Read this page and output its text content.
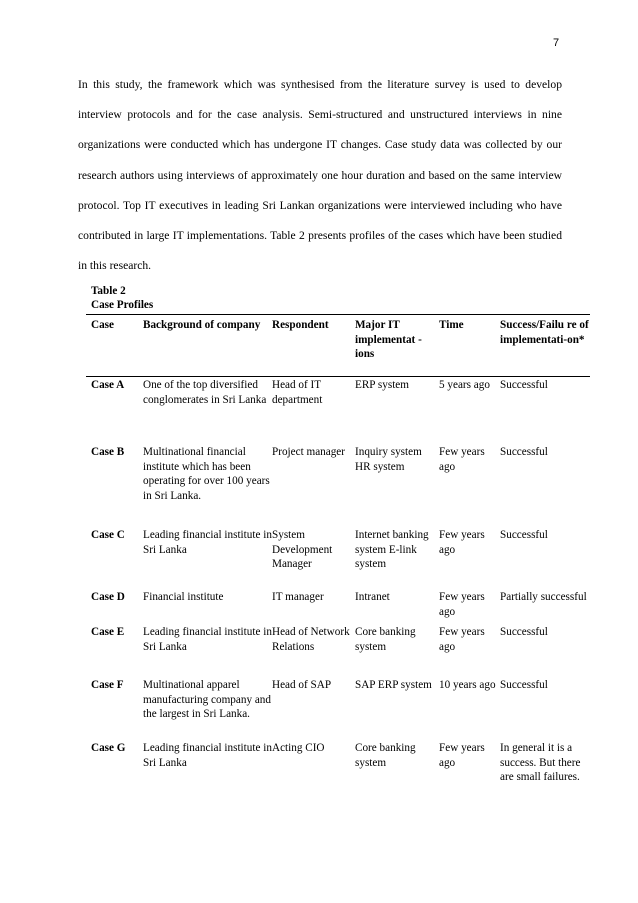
7

In this study, the framework which was synthesised from the literature survey is used to develop interview protocols and for the case analysis. Semi-structured and unstructured interviews in nine organizations were conducted which has undergone IT changes. Case study data was collected by our research authors using interviews of approximately one hour duration and based on the same interview protocol. Top IT executives in leading Sri Lankan organizations were interviewed including who have contributed in large IT implementations. Table 2 presents profiles of the cases which have been studied in this research.

Table 2
Case Profiles
Case	Background of company	Respondent	Major IT implementat -ions	Time	Success/Failu re of implementati-on*
Case A	One of the top diversified conglomerates in Sri Lanka	Head of IT department	ERP system	5 years ago	Successful
Case B	Multinational financial institute which has been operating for over 100 years in Sri Lanka.	Project manager	Inquiry system HR system	Few years ago	Successful
Case C	Leading financial institute in Sri Lanka	System Development Manager	Internet banking system E-link system	Few years ago	Successful
Case D	Financial institute	IT manager	Intranet	Few years ago	Partially successful
Case E	Leading financial institute in Sri Lanka	Head of Network Relations	Core banking system	Few years ago	Successful
Case F	Multinational apparel manufacturing company and the largest in Sri Lanka.	Head of SAP	SAP ERP system	10 years ago	Successful
Case G	Leading financial institute in Sri Lanka	Acting CIO	Core banking system	Few years ago	In general it is a success. But there are small failures.
